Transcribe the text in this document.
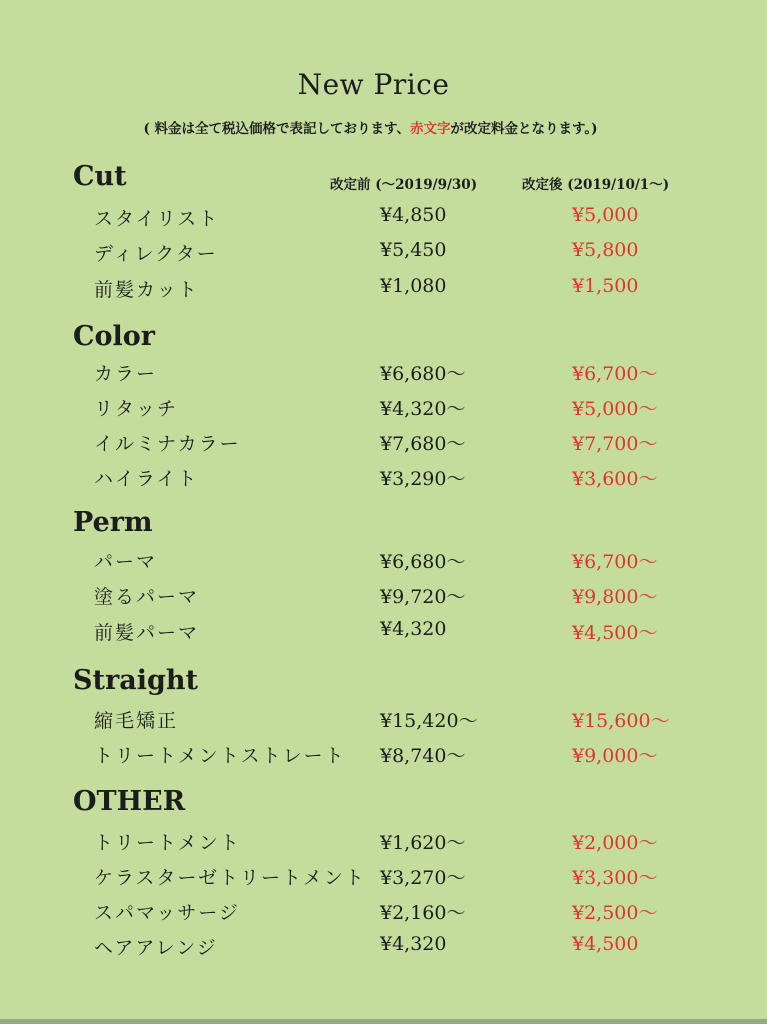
New Price
( 料金は全て税込価格で表記しております、赤文字が改定料金となります。)
改定前 (〜2019/9/30)	改定後 (2019/10/1〜)
Cut
スタイリスト	¥4,850	¥5,000
ディレクター	¥5,450	¥5,800
前髪カット	¥1,080	¥1,500
Color
カラー	¥6,680〜	¥6,700〜
リタッチ	¥4,320〜	¥5,000〜
イルミナカラー	¥7,680〜	¥7,700〜
ハイライト	¥3,290〜	¥3,600〜
Perm
パーマ	¥6,680〜	¥6,700〜
塗るパーマ	¥9,720〜	¥9,800〜
前髪パーマ	¥4,320	¥4,500〜
Straight
縮毛矯正	¥15,420〜	¥15,600〜
トリートメントストレート ¥8,740〜	¥9,000〜
OTHER
トリートメント	¥1,620〜	¥2,000〜
ケラスターゼトリートメント ¥3,270〜	¥3,300〜
スパマッサージ	¥2,160〜	¥2,500〜
ヘアアレンジ	¥4,320	¥4,500
